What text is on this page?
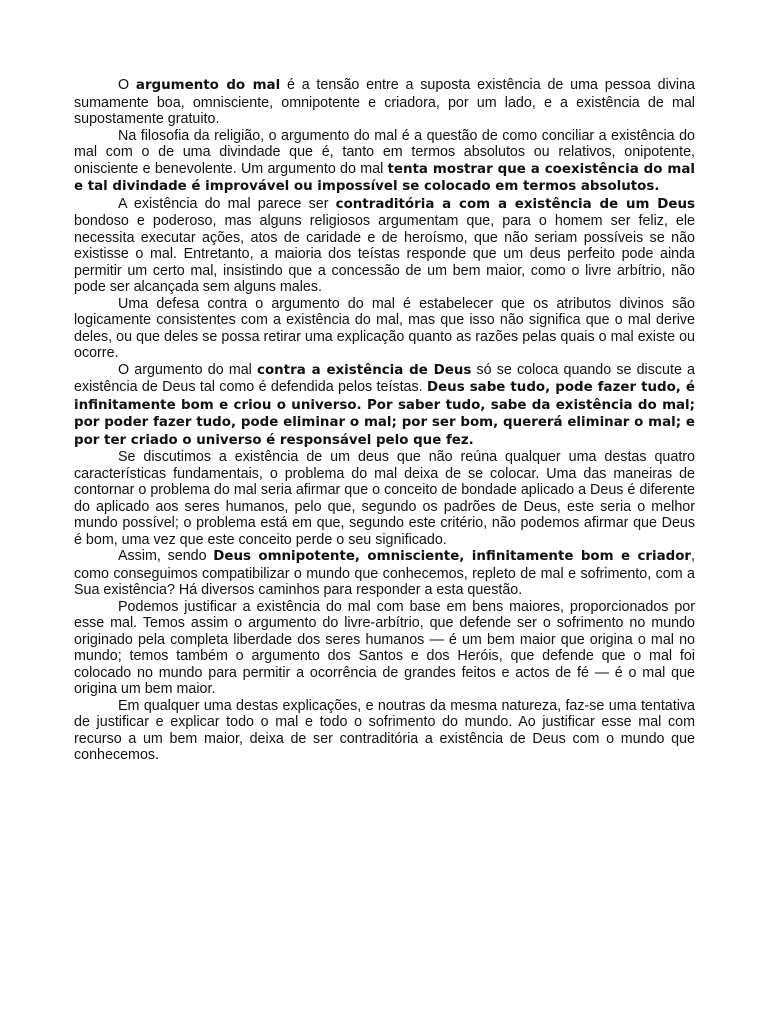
O argumento do mal é a tensão entre a suposta existência de uma pessoa divina sumamente boa, omnisciente, omnipotente e criadora, por um lado, e a existência de mal supostamente gratuito.

Na filosofia da religião, o argumento do mal é a questão de como conciliar a existência do mal com o de uma divindade que é, tanto em termos absolutos ou relativos, onipotente, onisciente e benevolente. Um argumento do mal tenta mostrar que a coexistência do mal e tal divindade é improvável ou impossível se colocado em termos absolutos.

A existência do mal parece ser contraditória a com a existência de um Deus bondoso e poderoso, mas alguns religiosos argumentam que, para o homem ser feliz, ele necessita executar ações, atos de caridade e de heroísmo, que não seriam possíveis se não existisse o mal. Entretanto, a maioria dos teístas responde que um deus perfeito pode ainda permitir um certo mal, insistindo que a concessão de um bem maior, como o livre arbítrio, não pode ser alcançada sem alguns males.

Uma defesa contra o argumento do mal é estabelecer que os atributos divinos são logicamente consistentes com a existência do mal, mas que isso não significa que o mal derive deles, ou que deles se possa retirar uma explicação quanto as razões pelas quais o mal existe ou ocorre.

O argumento do mal contra a existência de Deus só se coloca quando se discute a existência de Deus tal como é defendida pelos teístas. Deus sabe tudo, pode fazer tudo, é infinitamente bom e criou o universo. Por saber tudo, sabe da existência do mal; por poder fazer tudo, pode eliminar o mal; por ser bom, quererá eliminar o mal; e por ter criado o universo é responsável pelo que fez.

Se discutimos a existência de um deus que não reúna qualquer uma destas quatro características fundamentais, o problema do mal deixa de se colocar. Uma das maneiras de contornar o problema do mal seria afirmar que o conceito de bondade aplicado a Deus é diferente do aplicado aos seres humanos, pelo que, segundo os padrões de Deus, este seria o melhor mundo possível; o problema está em que, segundo este critério, não podemos afirmar que Deus é bom, uma vez que este conceito perde o seu significado.

Assim, sendo Deus omnipotente, omnisciente, infinitamente bom e criador, como conseguimos compatibilizar o mundo que conhecemos, repleto de mal e sofrimento, com a Sua existência? Há diversos caminhos para responder a esta questão.

Podemos justificar a existência do mal com base em bens maiores, proporcionados por esse mal. Temos assim o argumento do livre-arbítrio, que defende ser o sofrimento no mundo originado pela completa liberdade dos seres humanos — é um bem maior que origina o mal no mundo; temos também o argumento dos Santos e dos Heróis, que defende que o mal foi colocado no mundo para permitir a ocorrência de grandes feitos e actos de fé — é o mal que origina um bem maior.

Em qualquer uma destas explicações, e noutras da mesma natureza, faz-se uma tentativa de justificar e explicar todo o mal e todo o sofrimento do mundo. Ao justificar esse mal com recurso a um bem maior, deixa de ser contraditória a existência de Deus com o mundo que conhecemos.
